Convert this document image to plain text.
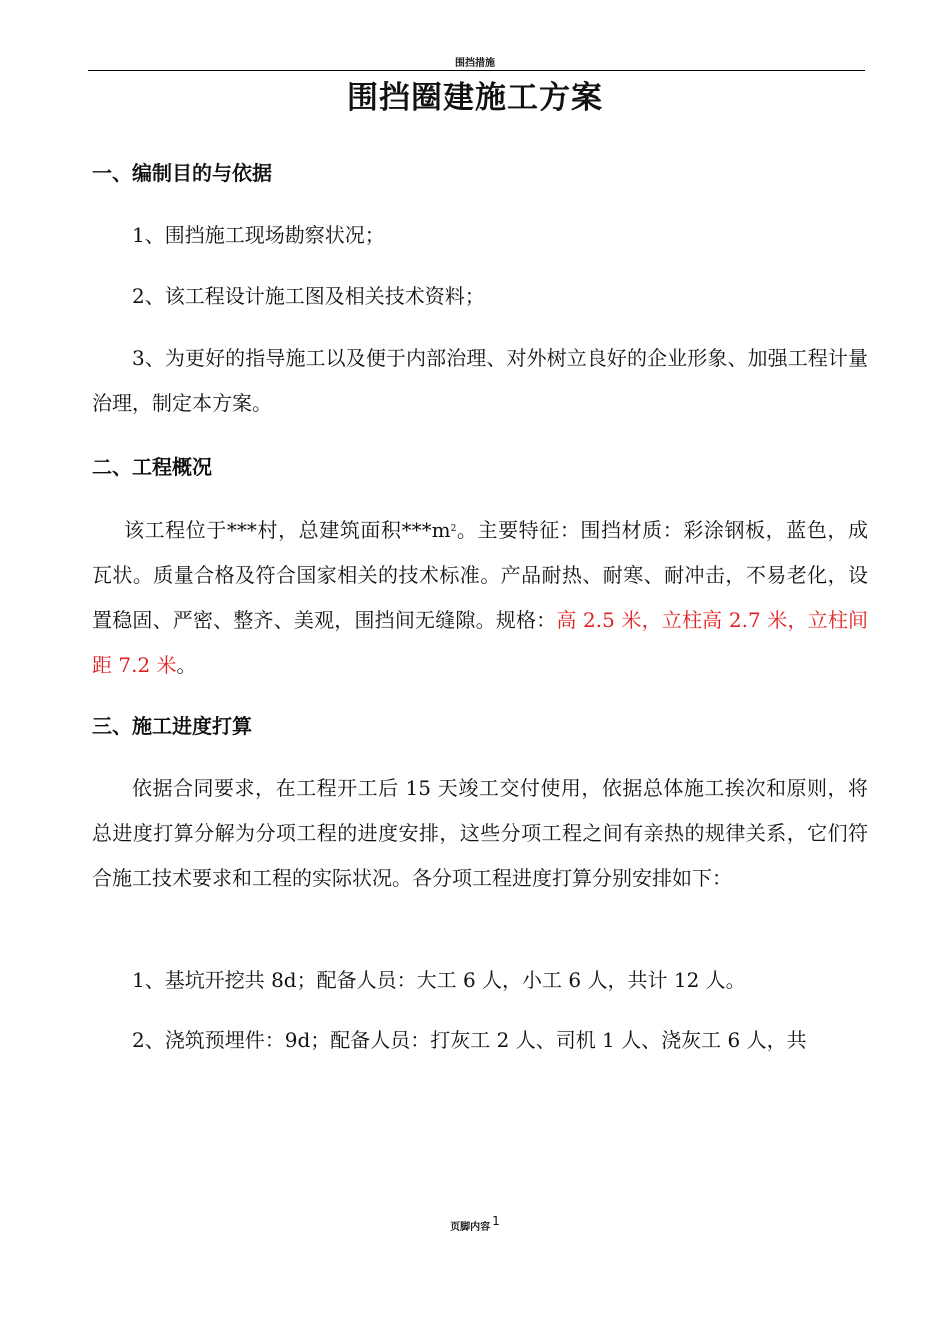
围挡措施
围挡圈建施工方案
一、编制目的与依据
1、围挡施工现场勘察状况；
2、该工程设计施工图及相关技术资料；
3、为更好的指导施工以及便于内部治理、对外树立良好的企业形象、加强工程计量治理，制定本方案。
二、工程概况
该工程位于***村，总建筑面积$***m^2$。主要特征：围挡材质：彩涂钢板，蓝色，成瓦状。质量合格及符合国家相关的技术标准。产品耐热、耐寒、耐冲击，不易老化，设置稳固、严密、整齐、美观，围挡间无缝隙。规格：高 2.5 米，立柱高 2.7 米，立柱间距 7.2 米。
三、施工进度打算
依据合同要求，在工程开工后 15 天竣工交付使用，依据总体施工挨次和原则，将总进度打算分解为分项工程的进度安排，这些分项工程之间有亲热的规律关系，它们符合施工技术要求和工程的实际状况。各分项工程进度打算分别安排如下：
1、基坑开挖共 8d；配备人员：大工 6 人，小工 6 人，共计 12 人。
2、浇筑预埋件：9d；配备人员：打灰工 2 人、司机 1 人、浇灰工 6 人，共
页脚内容 1
